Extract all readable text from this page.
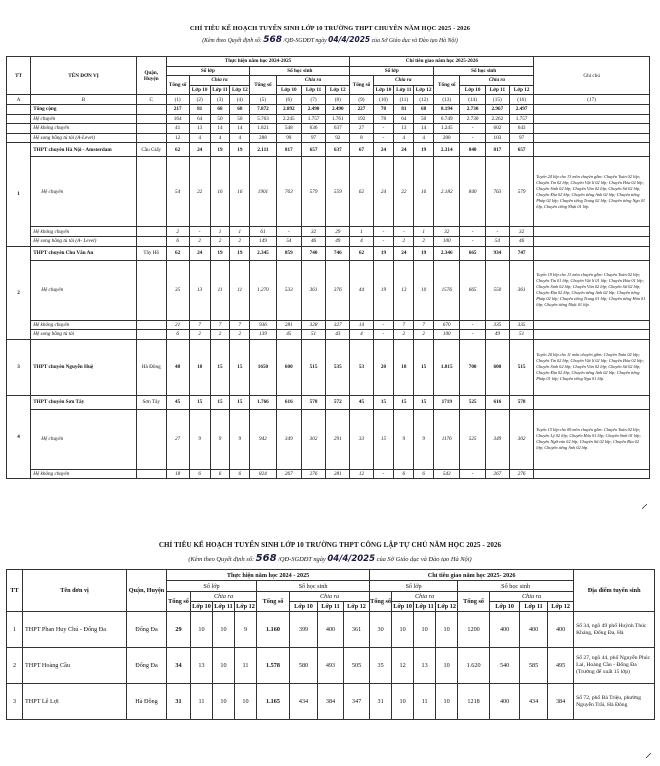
CHỈ TIÊU KẾ HOẠCH TUYỂN SINH LỚP 10 TRƯỜNG THPT CHUYÊN NĂM HỌC 2025 - 2026
(Kèm theo Quyết định số: 568 /QĐ-SGDĐT ngày 04/4/2025 của Sở Giáo dục và Đào tạo Hà Nội)
TT	TÊN ĐƠN VỊ	Quận, Huyện	Thực hiện năm học 2024-2025								Chỉ tiêu giao năm học 2025-2026								Ghi chú
			Số lớp				Số học sinh				Số lớp				Số học sinh				
			Tổng số	Chia ra			Tổng số	Chia ra			Tổng số	Chia ra			Tổng số	Chia ra			
				Lớp 10	Lớp 11	Lớp 12		Lớp 10	Lớp 11	Lớp 12		Lớp 10	Lớp 11	Lớp 12		Lớp 10	Lớp 11	Lớp 12	
A	B	C	(1)	(2)	(3)	(4)	(5)	(6)	(7)	(8)	(9)	(10)	(11)	(12)	(13)	(14)	(15)	(16)	(17)
	Tổng cộng		217	81	68	68	7.872	2.892	2.490	2.490	227	78	81	68	8.194	2.730	2.967	2.497	
	Hệ chuyên		164	64	50	50	5.763	2.245	1.757	1.761	192	78	64	50	6.749	2.730	2.262	1.757	
	Hệ không chuyên		41	13	14	14	1.821	548	636	637	27	-	13	14	1.245	-	602	643	
	Hệ song bằng tú tài (A-Level)		12	4	4	4	288	99	97	92	8	-	4	4	200	-	103	97	
1	THPT chuyên Hà Nội - Amsterdam	Cầu Giấy	62	24	19	19	2.111	817	657	637	67	24	24	19	2.314	840	817	657	
	Hệ chuyên		54	22	16	16	1901	763	579	559	62	24	22	16	2.182	840	763	579	Tuyển 24 lớp cho 13 môn chuyên gồm: Chuyên Toán 02 lớp; Chuyên Tin 02 lớp; Chuyên Vật lí 02 lớp; Chuyên Hóa 02 lớp; Chuyên Sinh 02 lớp; Chuyên Văn 02 lớp; Chuyên Sử 02 lớp; Chuyên Địa 02 lớp; Chuyên tiếng Anh 02 lớp; Chuyên tiếng Pháp 02 lớp; Chuyên tiếng Trung 02 lớp; Chuyên tiếng Nga 01 lớp, Chuyên tiếng Nhật 01 lớp.
	Hệ không chuyên		2	-	1	1	61	-	32	29	1	-	-	1	32	-	-	32	
	Hệ song bằng tú tài (A- Level)		6	2	2	2	149	54	46	49	4	-	2	2	100	-	54	46	
2	THPT chuyên Chu Văn An	Tây Hồ	62	24	19	19	2.345	859	740	746	62	19	24	19	2.346	665	934	747	
	Hệ chuyên		35	13	11	11	1.270	533	361	376	44	19	13	10	1576	665	550	361	Tuyển 19 lớp cho 13 môn chuyên gồm: Chuyên Toán 02 lớp; Chuyên Tin 01 lớp; Chuyên Vật lí 01 lớp; Chuyên Hóa 01 lớp; Chuyên Sinh 02 lớp; Chuyên Văn 02 lớp; Chuyên Sử 02 lớp; Chuyên Địa 02 lớp; Chuyên tiếng Anh 02 lớp; Chuyên tiếng Pháp 02 lớp; Chuyên tiếng Trung 01 lớp; Chuyên tiếng Hàn 01 lớp; Chuyên tiếng Nhật 01 lớp.
	Hệ không chuyên		21	7	7	7	936	281	328	327	14	-	7	7	670	-	335	335	
	Hệ song bằng tú tài		6	2	2	2	139	45	51	43	4	-	2	2	100	-	49	51	
3	THPT chuyên Nguyễn Huệ	Hà Đông	48	18	15	15	1650	600	515	535	53	20	18	15	1.815	700	600	515	Tuyển 20 lớp cho 11 môn chuyên gồm: Chuyên Toán 02 lớp; Chuyên Tin 02 lớp; Chuyên Vật lí 02 lớp; Chuyên Hóa 02 lớp; Chuyên Sinh 02 lớp; Chuyên Văn 02 lớp; Chuyên Sử 02 lớp; Chuyên Địa 02 lớp; Chuyên tiếng Anh 02 lớp; Chuyên tiếng Pháp 01 lớp; Chuyên tiếng Nga 01 lớp.
4	THPT chuyên Sơn Tây	Sơn Tây	45	15	15	15	1.766	616	578	572	45	15	15	15	1719	525	616	578	
	Hệ chuyên		27	9	9	9	942	349	302	291	33	15	9	9	1176	525	349	302	Tuyển 15 lớp cho 09 môn chuyên gồm: Chuyên Toán 02 lớp; Chuyên Lý 02 lớp; Chuyên Hóa 01 lớp; Chuyên Sinh 01 lớp; Chuyên Ngữ văn 02 lớp; Chuyên Sử 02 lớp; Chuyên Địa 02 lớp; Chuyên tiếng Anh 02 lớp.
	Hệ không chuyên		18	6	6	6	824	267	276	281	12	-	6	6	543	-	267	276	
⸝
CHỈ TIÊU KẾ HOẠCH TUYỂN SINH LỚP 10 TRƯỜNG THPT CÔNG LẬP TỰ CHỦ NĂM HỌC 2025 - 2026
(Kèm theo Quyết định số: 568 /QĐ-SGDĐT ngày 04/4/2025 của Sở Giáo dục và Đào tạo Hà Nội)
TT	Tên đơn vị	Quận, Huyện	Thực hiện năm học 2024 - 2025								Chỉ tiêu giao năm học 2025- 2026								Địa điểm tuyển sinh
			Số lớp				Số học sinh				Số lớp				Số học sinh				
			Tổng số	Chia ra			Tổng số	Chia ra			Tổng số	Chia ra			Tổng số	Chia ra			
				Lớp 10	Lớp 11	Lớp 12		Lớp 10	Lớp 11	Lớp 12		Lớp 10	Lớp 11	Lớp 12		Lớp 10	Lớp 11	Lớp 12	
1	THPT Phan Huy Chú - Đống Đa	Đống Đa	29	10	10	9	1.160	399	400	361	30	10	10	10	1200	400	400	400	Số 34, ngõ 49 phố Huỳnh Thúc Kháng, Đống Đa, Hà
2	THPT Hoàng Cầu	Đống Đa	34	13	10	11	1.578	580	493	505	35	12	13	10	1.620	540	585	495	Số 27, ngõ 44, phố Nguyễn Phúc Lai, Hoàng Cầu - Đống Đa (Trường để xuất 15 lớp)
3	THPT Lê Lợi	Hà Đông	31	11	10	10	1.165	434	384	347	31	10	11	10	1218	400	434	384	Số 72, phố Bà Triệu, phường Nguyễn Trãi, Hà Đông
⸝
